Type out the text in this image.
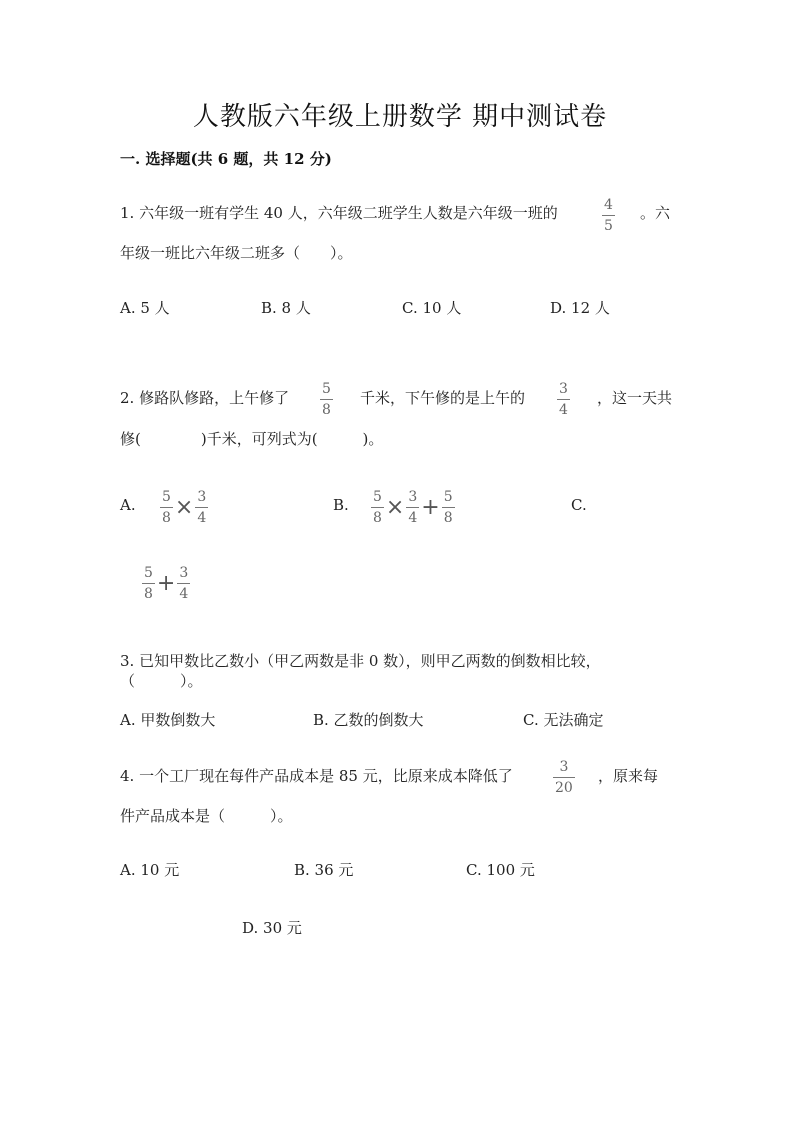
人教版六年级上册数学 期中测试卷
一. 选择题(共 6 题，共 12 分)
1. 六年级一班有学生 40 人，六年级二班学生人数是六年级一班的	$\frac{4}{5}$ 。六
年级一班比六年级二班多（　　）。
A. 5 人	B. 8 人	C. 10 人	D. 12 人
2. 修路队修路，上午修了 $\frac{5}{8}$ 千米，下午修的是上午的 $\frac{3}{4}$ ，这一天共
修(　　　　)千米，可列式为(　　　)。
A. $\frac{5}{8} \times \frac{3}{4}$	B. $\frac{5}{8} \times \frac{3}{4} + \frac{5}{8}$	C.
$\frac{5}{8} + \frac{3}{4}$
3. 已知甲数比乙数小（甲乙两数是非 0 数），则甲乙两数的倒数相比较，
（　　　）。
A. 甲数倒数大	B. 乙数的倒数大	C. 无法确定
4. 一个工厂现在每件产品成本是 85 元，比原来成本降低了	$\frac{3}{20}$ ，原来每
件产品成本是（　　　）。
A. 10 元	B. 36 元	C. 100 元
D. 30 元
